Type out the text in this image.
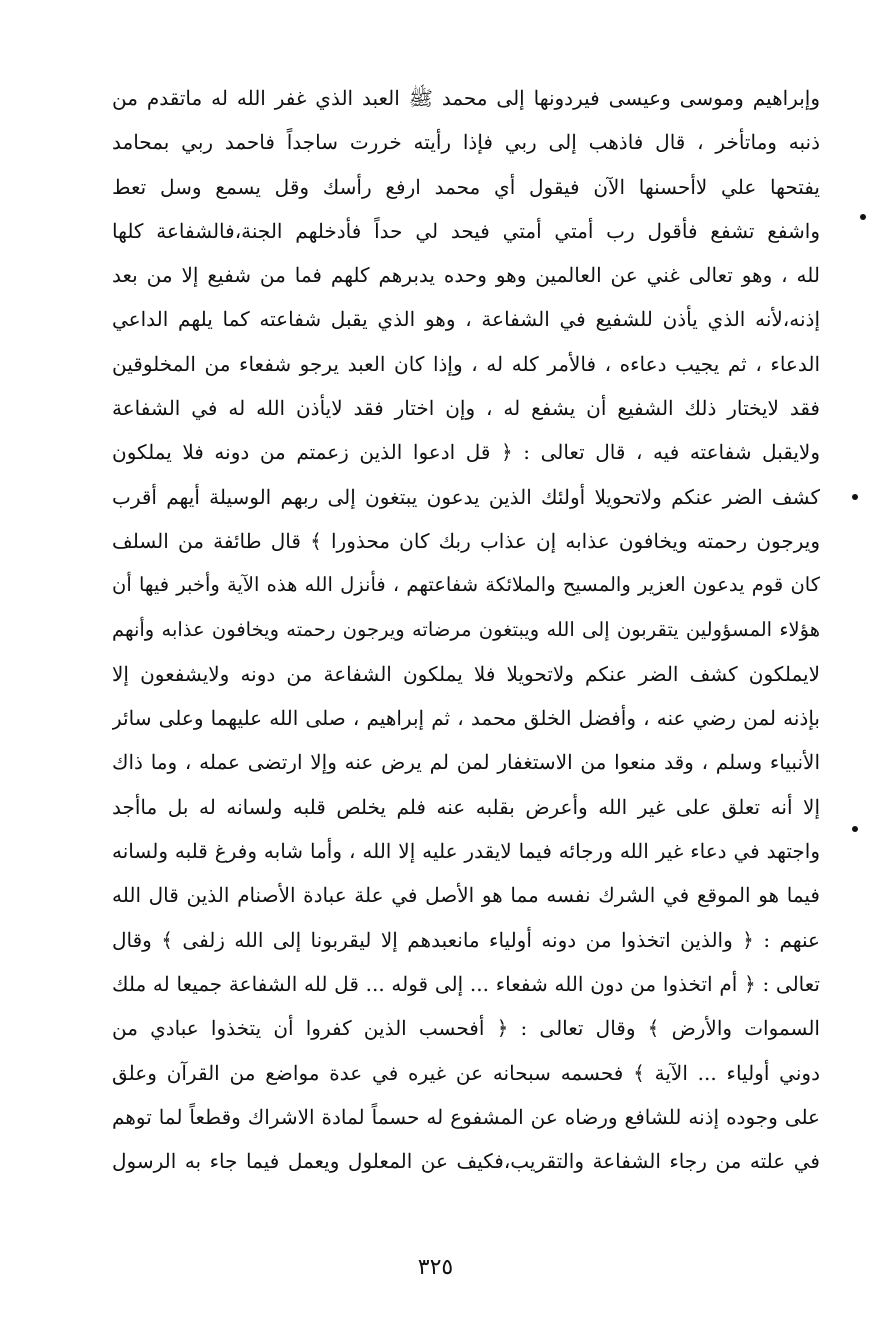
وإبراهيم وموسى وعيسى فيردونها إلى محمد ﷺ العبد الذي غفر الله له ماتقدم من
ذنبه وماتأخر ، قال فاذهب إلى ربي فإذا رأيته خررت ساجداً فاحمد ربي بمحامد
يفتحها علي لاأحسنها الآن فيقول أي محمد ارفع رأسك وقل يسمع وسل تعط
واشفع تشفع فأقول رب أمتي أمتي فيحد لي حداً فأدخلهم الجنة،فالشفاعة كلها
لله ، وهو تعالى غني عن العالمين وهو وحده يدبرهم كلهم فما من شفيع إلا من بعد
إذنه،لأنه الذي يأذن للشفيع في الشفاعة ، وهو الذي يقبل شفاعته كما يلهم الداعي
الدعاء ، ثم يجيب دعاءه ، فالأمر كله له ، وإذا كان العبد يرجو شفعاء من المخلوقين
فقد لايختار ذلك الشفيع أن يشفع له ، وإن اختار فقد لايأذن الله له في الشفاعة
ولايقبل شفاعته فيه ، قال تعالى : ﴿ قل ادعوا الذين زعمتم من دونه فلا يملكون
كشف الضر عنكم ولاتحويلا أولئك الذين يدعون يبتغون إلى ربهم الوسيلة أيهم أقرب
ويرجون رحمته ويخافون عذابه إن عذاب ربك كان محذورا ﴾ قال طائفة من السلف
كان قوم يدعون العزير والمسيح والملائكة شفاعتهم ، فأنزل الله هذه الآية وأخبر فيها أن
هؤلاء المسؤولين يتقربون إلى الله ويبتغون مرضاته ويرجون رحمته ويخافون عذابه وأنهم
لايملكون كشف الضر عنكم ولاتحويلا فلا يملكون الشفاعة من دونه ولايشفعون إلا
بإذنه لمن رضي عنه ، وأفضل الخلق محمد ، ثم إبراهيم ، صلى الله عليهما وعلى سائر
الأنبياء وسلم ، وقد منعوا من الاستغفار لمن لم يرض عنه وإلا ارتضى عمله ، وما ذاك
إلا أنه تعلق على غير الله وأعرض بقلبه عنه فلم يخلص قلبه ولسانه له بل ماأجد
واجتهد في دعاء غير الله ورجائه فيما لايقدر عليه إلا الله ، وأما شابه وفرغ قلبه ولسانه
فيما هو الموقع في الشرك نفسه مما هو الأصل في علة عبادة الأصنام الذين قال الله
عنهم : ﴿ والذين اتخذوا من دونه أولياء مانعبدهم إلا ليقربونا إلى الله زلفى ﴾ وقال
تعالى : ﴿ أم اتخذوا من دون الله شفعاء ... إلى قوله ... قل لله الشفاعة جميعا له ملك
السموات والأرض ﴾ وقال تعالى : ﴿ أفحسب الذين كفروا أن يتخذوا عبادي من
دوني أولياء ... الآية ﴾ فحسمه سبحانه عن غيره في عدة مواضع من القرآن وعلق
على وجوده إذنه للشافع ورضاه عن المشفوع له حسماً لمادة الاشراك وقطعاً لما توهم
في علته من رجاء الشفاعة والتقريب،فكيف عن المعلول ويعمل فيما جاء به الرسول
٣٢٥
